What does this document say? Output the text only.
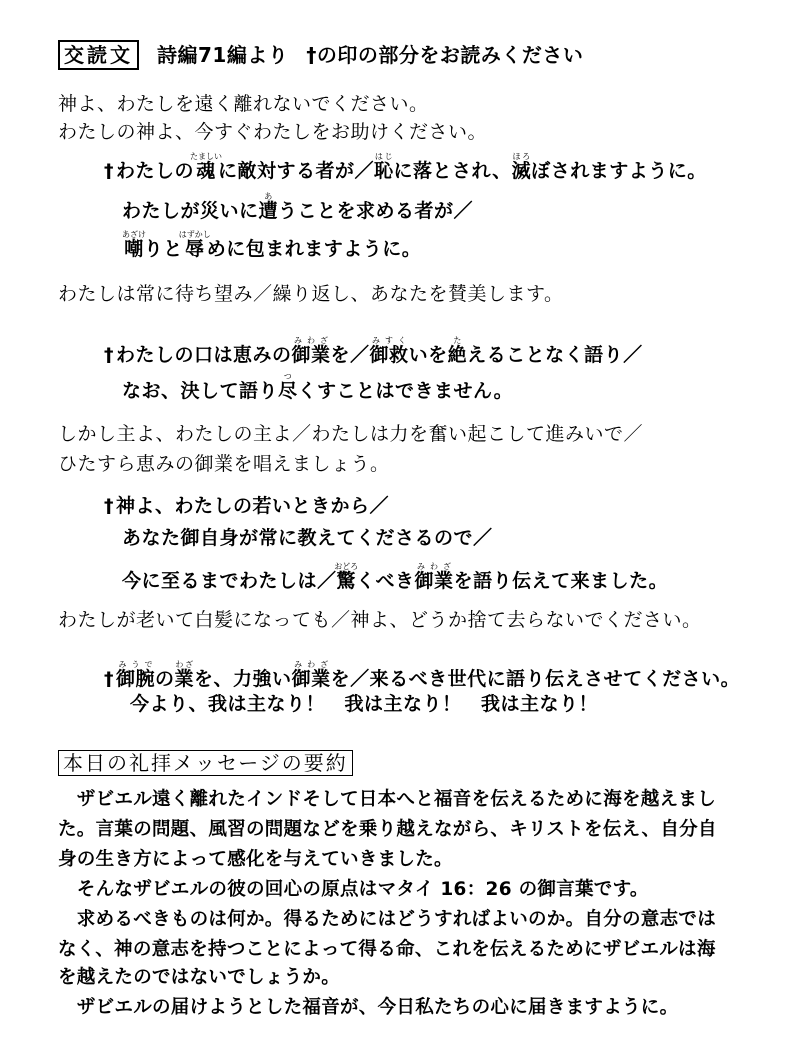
交読文 詩編71編より †の印の部分をお読みください
神よ、わたしを遠く離れないでください。
わたしの神よ、今すぐわたしをお助けください。
† わたしの魂たましいに敵対する者が／恥はじに落とされ、滅ほろぼされますように。
わたしが災いに遭あうことを求める者が／
嘲あざけりと辱はずかしめに包まれますように。
わたしは常に待ち望み／繰り返し、あなたを賛美します。
† わたしの口は恵みの御業みわざを／御救みすくいを絶たえることなく語り／
なお、決して語り尽つくすことはできません。
しかし主よ、わたしの主よ／わたしは力を奮い起こして進みいで／
ひたすら恵みの御業を唱えましょう。
† 神よ、わたしの若いときから／
あなた御自身が常に教えてくださるので／
今に至るまでわたしは／驚おどろくべき御業みわざを語り伝えて来ました。
わたしが老いて白髪になっても／神よ、どうか捨て去らないでください。
† 御腕みうでの業わざを、力強い御業みわざを／来るべき世代に語り伝えさせてください。
今より、我は主なり！　我は主なり！　我は主なり！
本日の礼拝メッセージの要約
　ザビエル遠く離れたインドそして日本へと福音を伝えるために海を越えまし
た。言葉の問題、風習の問題などを乗り越えながら、キリストを伝え、自分自
身の生き方によって感化を与えていきました。
　そんなザビエルの彼の回心の原点はマタイ 16：26 の御言葉です。
　求めるべきものは何か。得るためにはどうすればよいのか。自分の意志では
なく、神の意志を持つことによって得る命、これを伝えるためにザビエルは海
を越えたのではないでしょうか。
　ザビエルの届けようとした福音が、今日私たちの心に届きますように。
